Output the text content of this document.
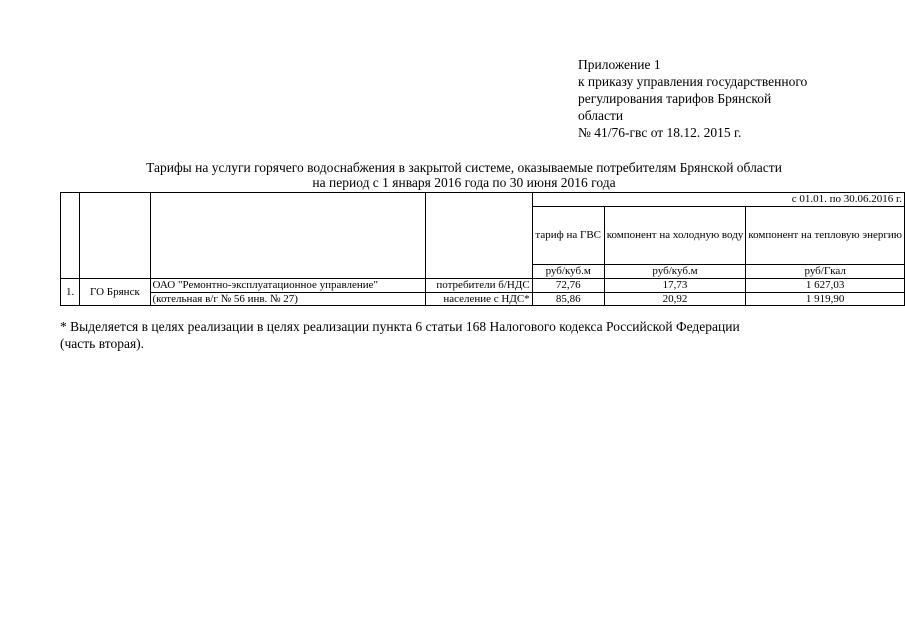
Приложение 1
к приказу управления государственного
регулирования тарифов Брянской
области
№ 41/76-гвс от 18.12. 2015 г.
Тарифы на услуги горячего водоснабжения в закрытой системе, оказываемые потребителям Брянской области
на период с 1 января 2016 года по 30 июня 2016 года
				с 01.01. по 30.06.2016 г.		
				тариф на ГВС	компонент на холодную воду	компонент на тепловую энергию
				руб/куб.м	руб/куб.м	руб/Гкал
1.	ГО Брянск	ОАО "Ремонтно-эксплуатационное управление"	потребители б/НДС	72,76	17,73	1 627,03
		(котельная в/г № 56 инв. № 27)	население с НДС*	85,86	20,92	1 919,90
* Выделяется в целях реализации в целях реализации пункта 6 статьи 168 Налогового кодекса Российской Федерации
(часть вторая).
